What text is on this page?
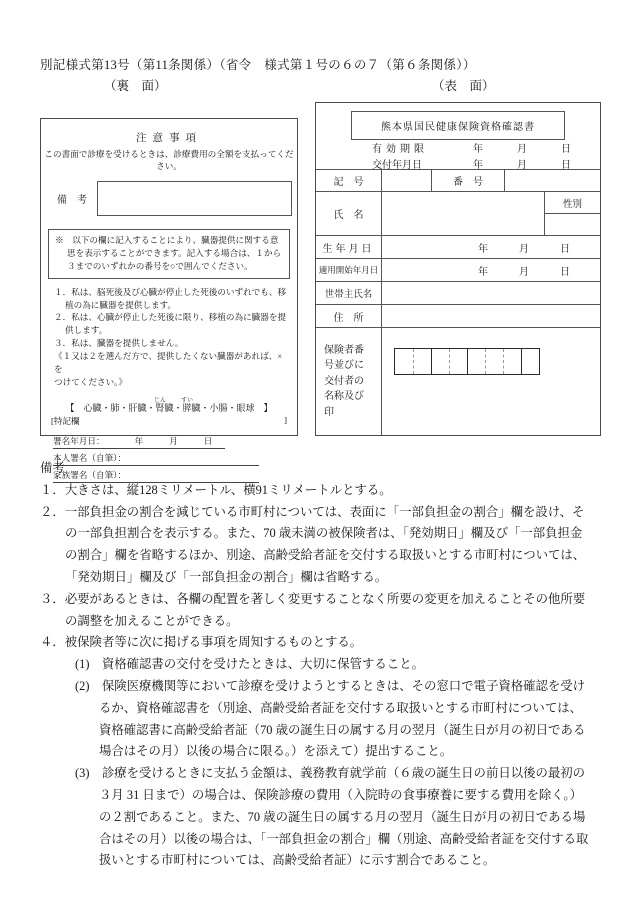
別記様式第13号（第11条関係）（省令　様式第１号の６の７（第６条関係））
（裏　面）	（表　面）
注意事項
この書面で診療を受けるときは、診療費用の全額を支払ってください。
備　考
※　以下の欄に記入することにより、臓器提供に関する意思を表示することができます。記入する場合は、１から３までのいずれかの番号を○で囲んでください。
１．私は、脳死後及び心臓が停止した死後のいずれでも、移植の為に臓器を提供します。
２．私は、心臓が停止した死後に限り、移植の為に臓器を提供します。
３．私は、臓器を提供しません。
《１又は２を選んだ方で、提供したくない臓器があれば、×を
つけてください。》
【　心臓・肺・肝臓・腎じん臓・膵すい臓・小腸・眼球　】
[特記欄	]
署名年月日：	年	月	日
本人署名（自筆）：
家族署名（自筆）：
熊本県国民健康保険資格確認書
有効期限	年	月	日
交付年月日	年	月	日
記　号	番　号
氏　名
性別
生年月日	年	月	日
適用開始年月日	年	月	日
世帯主氏名
住　所
保険者番号並びに交付者の名称及び印

備考

１．大きさは、縦128ミリメートル、横91ミリメートルとする。

２．一部負担金の割合を減じている市町村については、表面に「一部負担金の割合」欄を設け、その一部負担割合を表示する。また、70 歳未満の被保険者は、「発効期日」欄及び「一部負担金の割合」欄を省略するほか、別途、高齢受給者証を交付する取扱いとする市町村については、「発効期日」欄及び「一部負担金の割合」欄は省略する。

３．必要があるときは、各欄の配置を著しく変更することなく所要の変更を加えることその他所要の調整を加えることができる。

４．被保険者等に次に掲げる事項を周知するものとする。

(1)　資格確認書の交付を受けたときは、大切に保管すること。

(2)　保険医療機関等において診療を受けようとするときは、その窓口で電子資格確認を受けるか、資格確認書を（別途、高齢受給者証を交付する取扱いとする市町村については、資格確認書に高齢受給者証（70 歳の誕生日の属する月の翌月（誕生日が月の初日である場合はその月）以後の場合に限る。）を添えて）提出すること。

(3)　診療を受けるときに支払う金額は、義務教育就学前（６歳の誕生日の前日以後の最初の３月 31 日まで）の場合は、保険診療の費用（入院時の食事療養に要する費用を除く。）の２割であること。また、70 歳の誕生日の属する月の翌月（誕生日が月の初日である場合はその月）以後の場合は、「一部負担金の割合」欄（別途、高齢受給者証を交付する取扱いとする市町村については、高齢受給者証）に示す割合であること。
